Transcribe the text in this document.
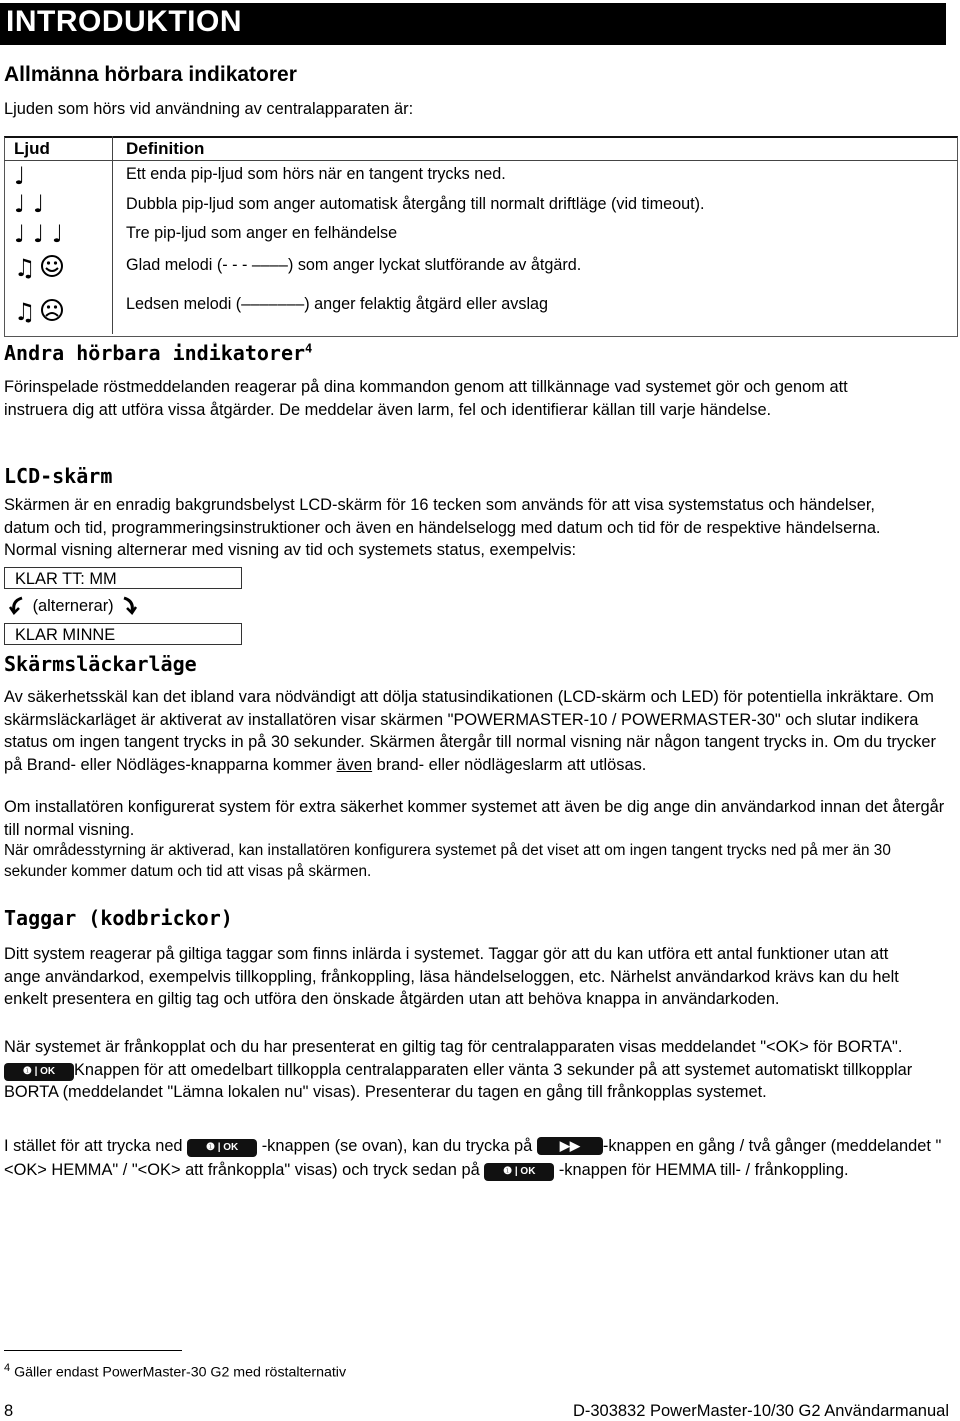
INTRODUKTION
Allmänna hörbara indikatorer

Ljuden som hörs vid användning av centralapparaten är:

Ljud	Definition
♩	Ett enda pip-ljud som hörs när en tangent trycks ned.
♩ ♩	Dubbla pip-ljud som anger automatisk återgång till normalt driftläge (vid timeout).
♩ ♩ ♩	Tre pip-ljud som anger en felhändelse
♫	Glad melodi (- - - ––––) som anger lyckat slutförande av åtgärd.
♫	Ledsen melodi (–––––––) anger felaktig åtgärd eller avslag
Andra hörbara indikatorer$^4$

Förinspelade röstmeddelanden reagerar på dina kommandon genom att tillkännage vad systemet gör och genom att instruera dig att utföra vissa åtgärder. De meddelar även larm, fel och identifierar källan till varje händelse.

LCD-skärm

Skärmen är en enradig bakgrundsbelyst LCD-skärm för 16 tecken som används för att visa systemstatus och händelser, datum och tid, programmeringsinstruktioner och även en händelselogg med datum och tid för de respektive händelserna. Normal visning alternerar med visning av tid och systemets status, exempelvis:

KLAR TT: MM
(alternerar)
KLAR MINNE
Skärmsläckarläge

Av säkerhetsskäl kan det ibland vara nödvändigt att dölja statusindikationen (LCD-skärm och LED) för potentiella inkräktare. Om skärmsläckarläget är aktiverat av installatören visar skärmen "POWERMASTER-10 / POWERMASTER-30" och slutar indikera status om ingen tangent trycks in på 30 sekunder. Skärmen återgår till normal visning när någon tangent trycks in. Om du trycker på Brand- eller Nödläges-knapparna kommer även brand- eller nödlägeslarm att utlösas.

Om installatören konfigurerat system för extra säkerhet kommer systemet att även be dig ange din användarkod innan det återgår till normal visning.

När områdesstyrning är aktiverad, kan installatören konfigurera systemet på det viset att om ingen tangent trycks ned på mer än 30 sekunder kommer datum och tid att visas på skärmen.

Taggar (kodbrickor)

Ditt system reagerar på giltiga taggar som finns inlärda i systemet. Taggar gör att du kan utföra ett antal funktioner utan att ange användarkod, exempelvis tillkoppling, frånkoppling, läsa händelseloggen, etc. Närhelst användarkod krävs kan du helt enkelt presentera en giltig tag och utföra den önskade åtgärden utan att behöva knappa in användarkoden.

När systemet är frånkopplat och du har presenterat en giltig tag för centralapparaten visas meddelandet "<OK> för BORTA". ❶ | OK Knappen för att omedelbart tillkoppla centralapparaten eller vänta 3 sekunder på att systemet automatiskt tillkopplar BORTA (meddelandet "Lämna lokalen nu" visas). Presenterar du tagen en gång till frånkopplas systemet.

I stället för att trycka ned ❶ | OK -knappen (se ovan), kan du trycka på ▶▶ -knappen en gång / två gånger (meddelandet "<OK> HEMMA" / "<OK> att frånkoppla" visas) och tryck sedan på ❶ | OK -knappen för HEMMA till- / frånkoppling.

$^4$ Gäller endast PowerMaster-30 G2 med röstalternativ
8	D-303832 PowerMaster-10/30 G2 Användarmanual
